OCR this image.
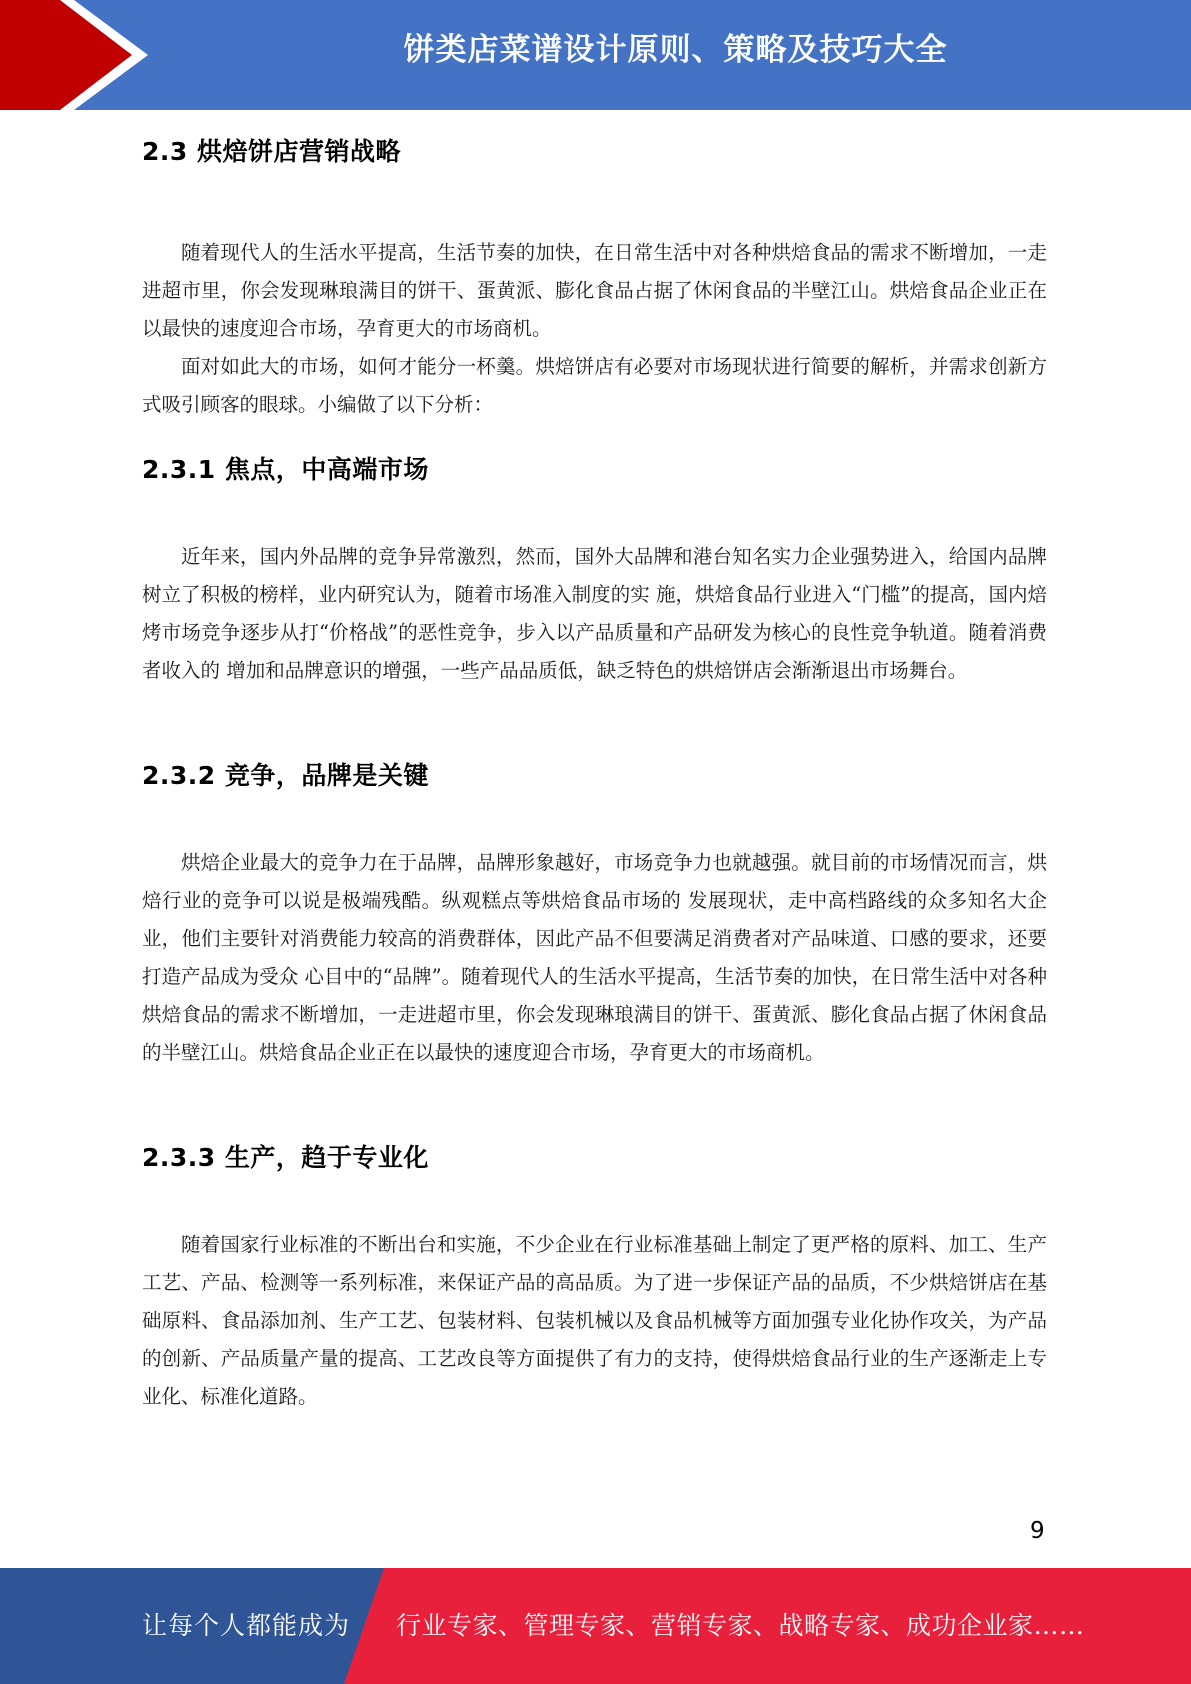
饼类店菜谱设计原则、策略及技巧大全
2.3 烘焙饼店营销战略

随着现代人的生活水平提高，生活节奏的加快，在日常生活中对各种烘焙食品的需求不断增加，一走进超市里，你会发现琳琅满目的饼干、蛋黄派、膨化食品占据了休闲食品的半壁江山。烘焙食品企业正在以最快的速度迎合市场，孕育更大的市场商机。

面对如此大的市场，如何才能分一杯羹。烘焙饼店有必要对市场现状进行简要的解析，并需求创新方式吸引顾客的眼球。小编做了以下分析：

2.3.1 焦点，中高端市场

近年来，国内外品牌的竞争异常激烈，然而，国外大品牌和港台知名实力企业强势进入，给国内品牌树立了积极的榜样，业内研究认为，随着市场准入制度的实 施，烘焙食品行业进入“门槛”的提高，国内焙烤市场竞争逐步从打“价格战”的恶性竞争，步入以产品质量和产品研发为核心的良性竞争轨道。随着消费者收入的 增加和品牌意识的增强，一些产品品质低，缺乏特色的烘焙饼店会渐渐退出市场舞台。

2.3.2 竞争，品牌是关键

烘焙企业最大的竞争力在于品牌，品牌形象越好，市场竞争力也就越强。就目前的市场情况而言，烘焙行业的竞争可以说是极端残酷。纵观糕点等烘焙食品市场的 发展现状，走中高档路线的众多知名大企业，他们主要针对消费能力较高的消费群体，因此产品不但要满足消费者对产品味道、口感的要求，还要打造产品成为受众 心目中的“品牌”。随着现代人的生活水平提高，生活节奏的加快，在日常生活中对各种烘焙食品的需求不断增加，一走进超市里，你会发现琳琅满目的饼干、蛋黄派、膨化食品占据了休闲食品的半壁江山。烘焙食品企业正在以最快的速度迎合市场，孕育更大的市场商机。

2.3.3 生产，趋于专业化

随着国家行业标准的不断出台和实施，不少企业在行业标准基础上制定了更严格的原料、加工、生产工艺、产品、检测等一系列标准，来保证产品的高品质。为了进一步保证产品的品质，不少烘焙饼店在基础原料、食品添加剂、生产工艺、包装材料、包装机械以及食品机械等方面加强专业化协作攻关，为产品的创新、产品质量产量的提高、工艺改良等方面提供了有力的支持，使得烘焙食品行业的生产逐渐走上专业化、标准化道路。

9
让每个人都能成为 行业专家、管理专家、营销专家、战略专家、成功企业家……
